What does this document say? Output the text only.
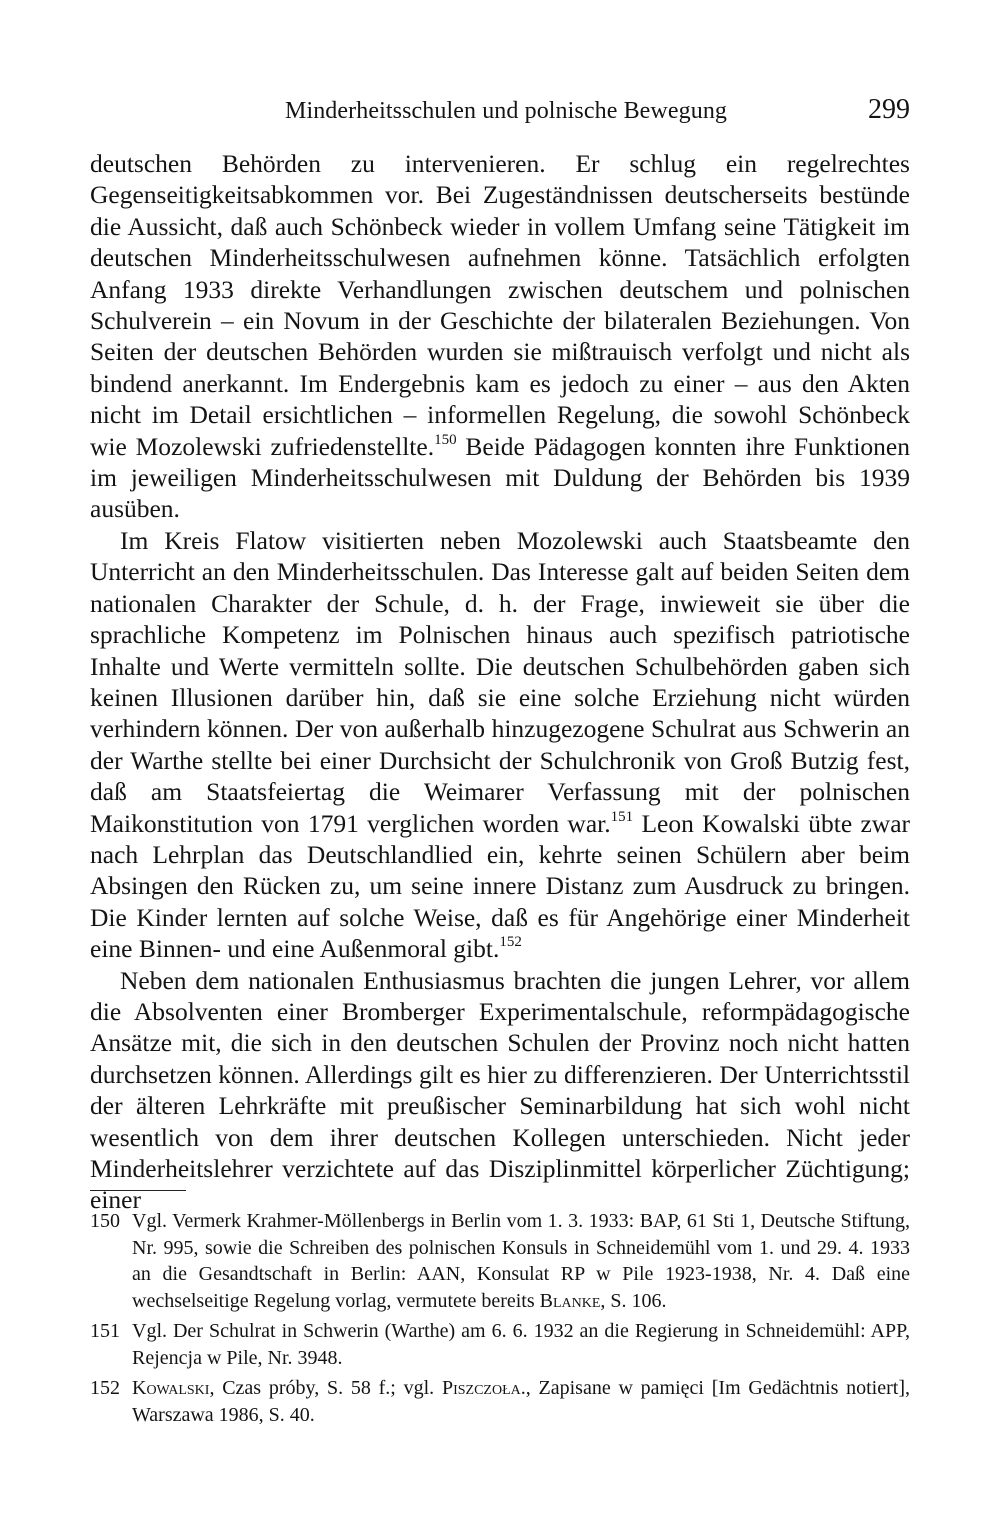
Minderheitsschulen und polnische Bewegung	299

deutschen Behörden zu intervenieren. Er schlug ein regelrechtes Gegenseitigkeitsabkommen vor. Bei Zugeständnissen deutscherseits bestünde die Aussicht, daß auch Schönbeck wieder in vollem Umfang seine Tätigkeit im deutschen Minderheitsschulwesen aufnehmen könne. Tatsächlich erfolgten Anfang 1933 direkte Verhandlungen zwischen deutschem und polnischen Schulverein – ein Novum in der Geschichte der bilateralen Beziehungen. Von Seiten der deutschen Behörden wurden sie mißtrauisch verfolgt und nicht als bindend anerkannt. Im Endergebnis kam es jedoch zu einer – aus den Akten nicht im Detail ersichtlichen – informellen Regelung, die sowohl Schönbeck wie Mozolewski zufriedenstellte.$^{150}$ Beide Pädagogen konnten ihre Funktionen im jeweiligen Minderheitsschulwesen mit Duldung der Behörden bis 1939 ausüben.

Im Kreis Flatow visitierten neben Mozolewski auch Staatsbeamte den Unterricht an den Minderheitsschulen. Das Interesse galt auf beiden Seiten dem nationalen Charakter der Schule, d. h. der Frage, inwieweit sie über die sprachliche Kompetenz im Polnischen hinaus auch spezifisch patriotische Inhalte und Werte vermitteln sollte. Die deutschen Schulbehörden gaben sich keinen Illusionen darüber hin, daß sie eine solche Erziehung nicht würden verhindern können. Der von außerhalb hinzugezogene Schulrat aus Schwerin an der Warthe stellte bei einer Durchsicht der Schulchronik von Groß Butzig fest, daß am Staatsfeiertag die Weimarer Verfassung mit der polnischen Maikonstitution von 1791 verglichen worden war.$^{151}$ Leon Kowalski übte zwar nach Lehrplan das Deutschlandlied ein, kehrte seinen Schülern aber beim Absingen den Rücken zu, um seine innere Distanz zum Ausdruck zu bringen. Die Kinder lernten auf solche Weise, daß es für Angehörige einer Minderheit eine Binnen- und eine Außenmoral gibt.$^{152}$

Neben dem nationalen Enthusiasmus brachten die jungen Lehrer, vor allem die Absolventen einer Bromberger Experimentalschule, reformpädagogische Ansätze mit, die sich in den deutschen Schulen der Provinz noch nicht hatten durchsetzen können. Allerdings gilt es hier zu differenzieren. Der Unterrichtsstil der älteren Lehrkräfte mit preußischer Seminarbildung hat sich wohl nicht wesentlich von dem ihrer deutschen Kollegen unterschieden. Nicht jeder Minderheitslehrer verzichtete auf das Disziplinmittel körperlicher Züchtigung; einer

150 Vgl. Vermerk Krahmer-Möllenbergs in Berlin vom 1. 3. 1933: BAP, 61 Sti 1, Deutsche Stiftung, Nr. 995, sowie die Schreiben des polnischen Konsuls in Schneidemühl vom 1. und 29. 4. 1933 an die Gesandtschaft in Berlin: AAN, Konsulat RP w Pile 1923-1938, Nr. 4. Daß eine wechselseitige Regelung vorlag, vermutete bereits Blanke, S. 106.
151 Vgl. Der Schulrat in Schwerin (Warthe) am 6. 6. 1932 an die Regierung in Schneidemühl: APP, Rejencja w Pile, Nr. 3948.
152 Kowalski, Czas próby, S. 58 f.; vgl. Piszczoła., Zapisane w pamięci [Im Gedächtnis notiert], Warszawa 1986, S. 40.
